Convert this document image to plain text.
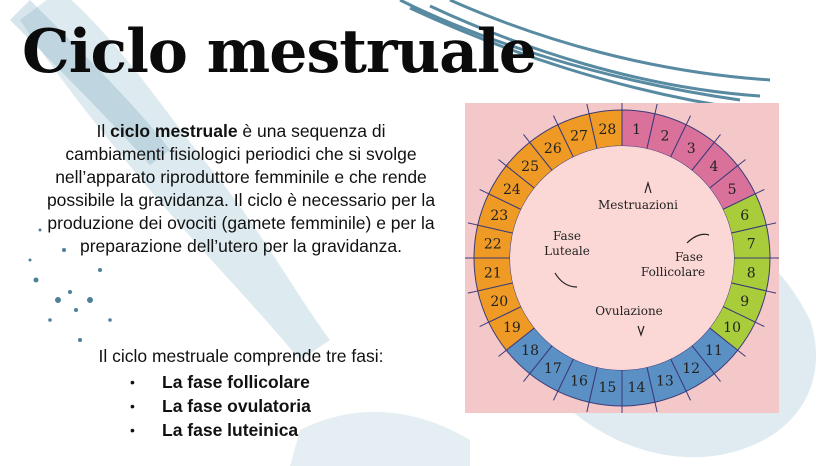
Ciclo mestruale

Il ciclo mestruale è una sequenza di cambiamenti fisiologici periodici che si svolge nell’apparato riproduttore femminile e che rende possibile la gravidanza. Il ciclo è necessario per la produzione dei ovociti (gamete femminile) e per la preparazione dell’utero per la gravidanza.

Il ciclo mestruale comprende tre fasi:
• La fase follicolare
• La fase ovulatoria
• La fase luteinica
1 2
3
4
5
6
7
8
9
10
11
12
13
14
15
16
17
18
19
20
21
22
23
24
25
26
27 28
Mestruazioni
Fase
Follicolare
Fase
Luteale
Ovulazione
